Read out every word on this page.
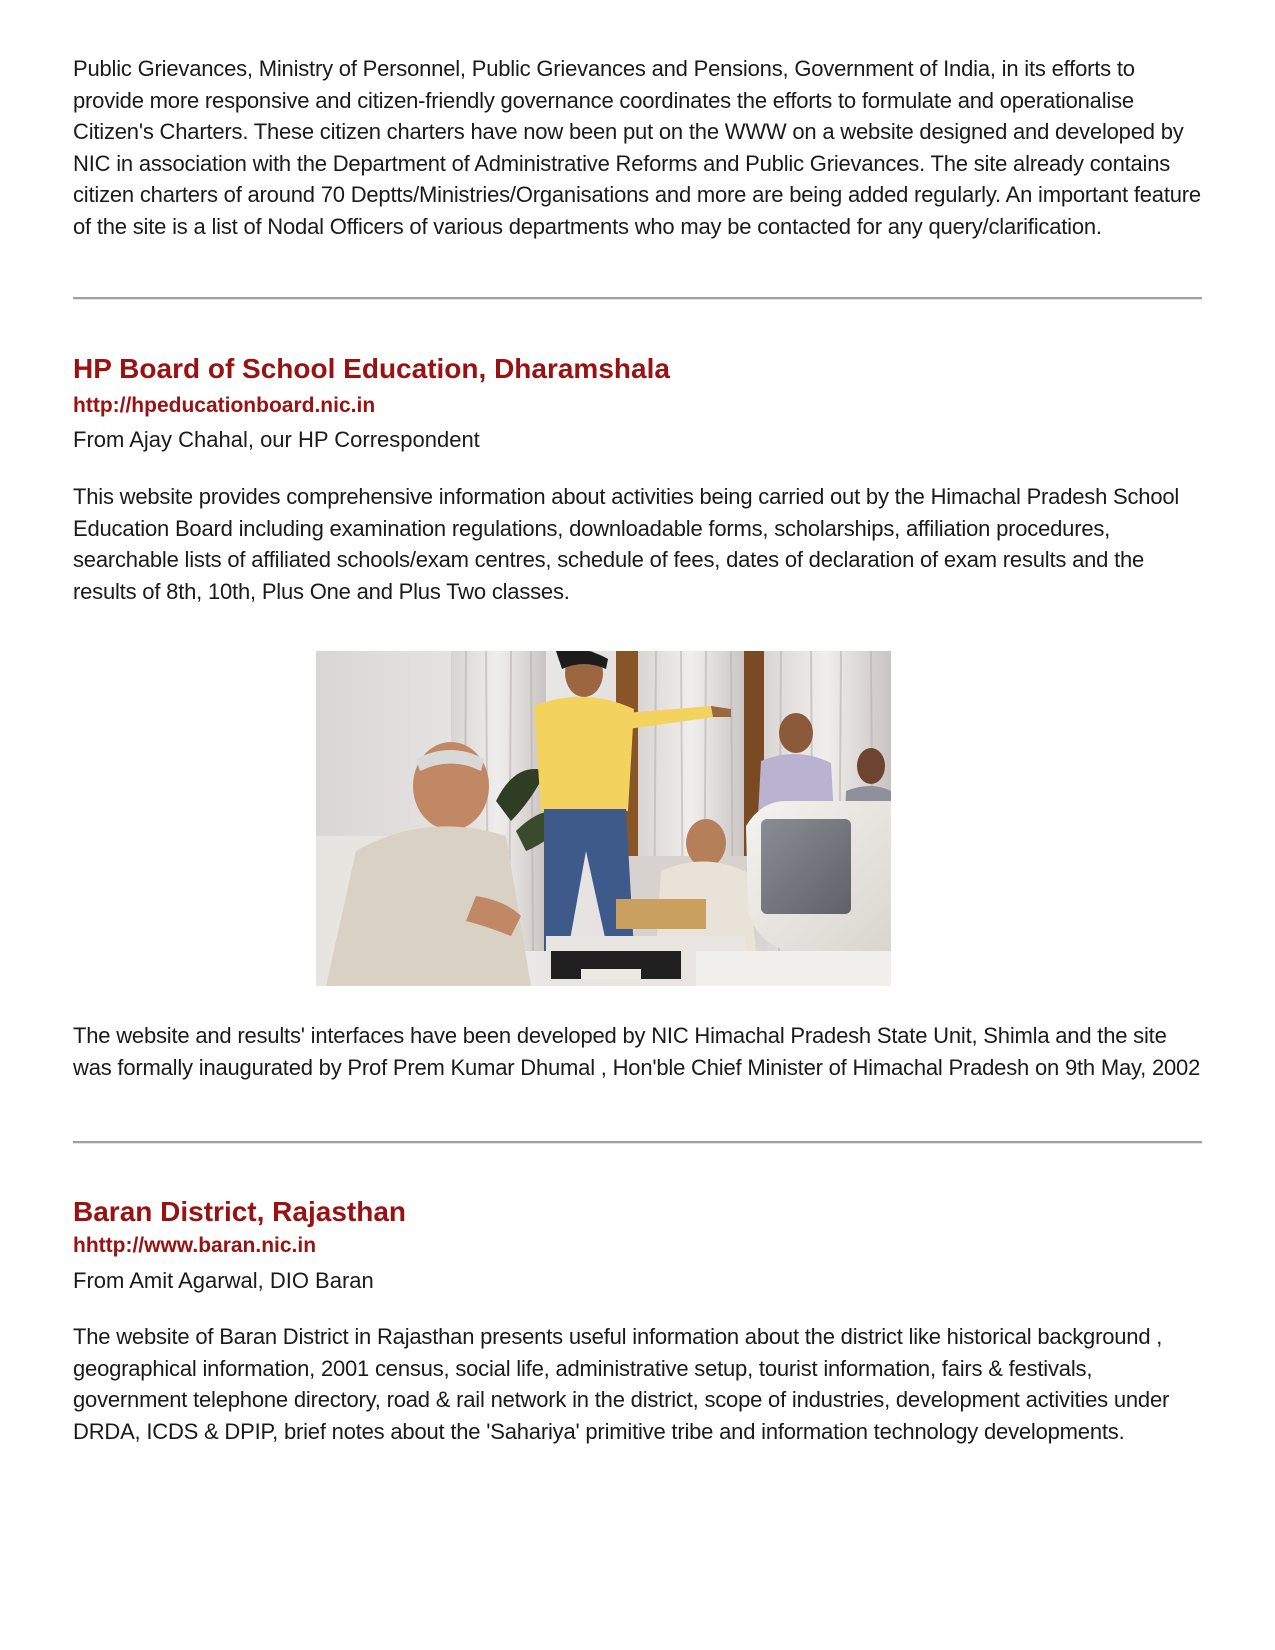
Public Grievances, Ministry of Personnel, Public Grievances and Pensions, Government of India, in its efforts to provide more responsive and citizen-friendly governance coordinates the efforts to formulate and operationalise Citizen's Charters. These citizen charters have now been put on the WWW on a website designed and developed by NIC in association with the Department of Administrative Reforms and Public Grievances. The site already contains citizen charters of around 70 Deptts/Ministries/Organisations and more are being added regularly. An important feature of the site is a list of Nodal Officers of various departments who may be contacted for any query/clarification.

HP Board of School Education, Dharamshala
http://hpeducationboard.nic.in

From Ajay Chahal, our HP Correspondent

This website provides comprehensive information about activities being carried out by the Himachal Pradesh School Education Board including examination regulations, downloadable forms, scholarships, affiliation procedures, searchable lists of affiliated schools/exam centres, schedule of fees, dates of declaration of exam results and the results of 8th, 10th, Plus One and Plus Two classes.

The website and results' interfaces have been developed by NIC Himachal Pradesh State Unit, Shimla and the site was formally inaugurated by Prof Prem Kumar Dhumal , Hon'ble Chief Minister of Himachal Pradesh on 9th May, 2002

Baran District, Rajasthan
hhttp://www.baran.nic.in

From Amit Agarwal, DIO Baran

The website of Baran District in Rajasthan presents useful information about the district like historical background , geographical information, 2001 census, social life, administrative setup, tourist information, fairs & festivals, government telephone directory, road & rail network in the district, scope of industries, development activities under DRDA, ICDS & DPIP, brief notes about the 'Sahariya' primitive tribe and information technology developments.
